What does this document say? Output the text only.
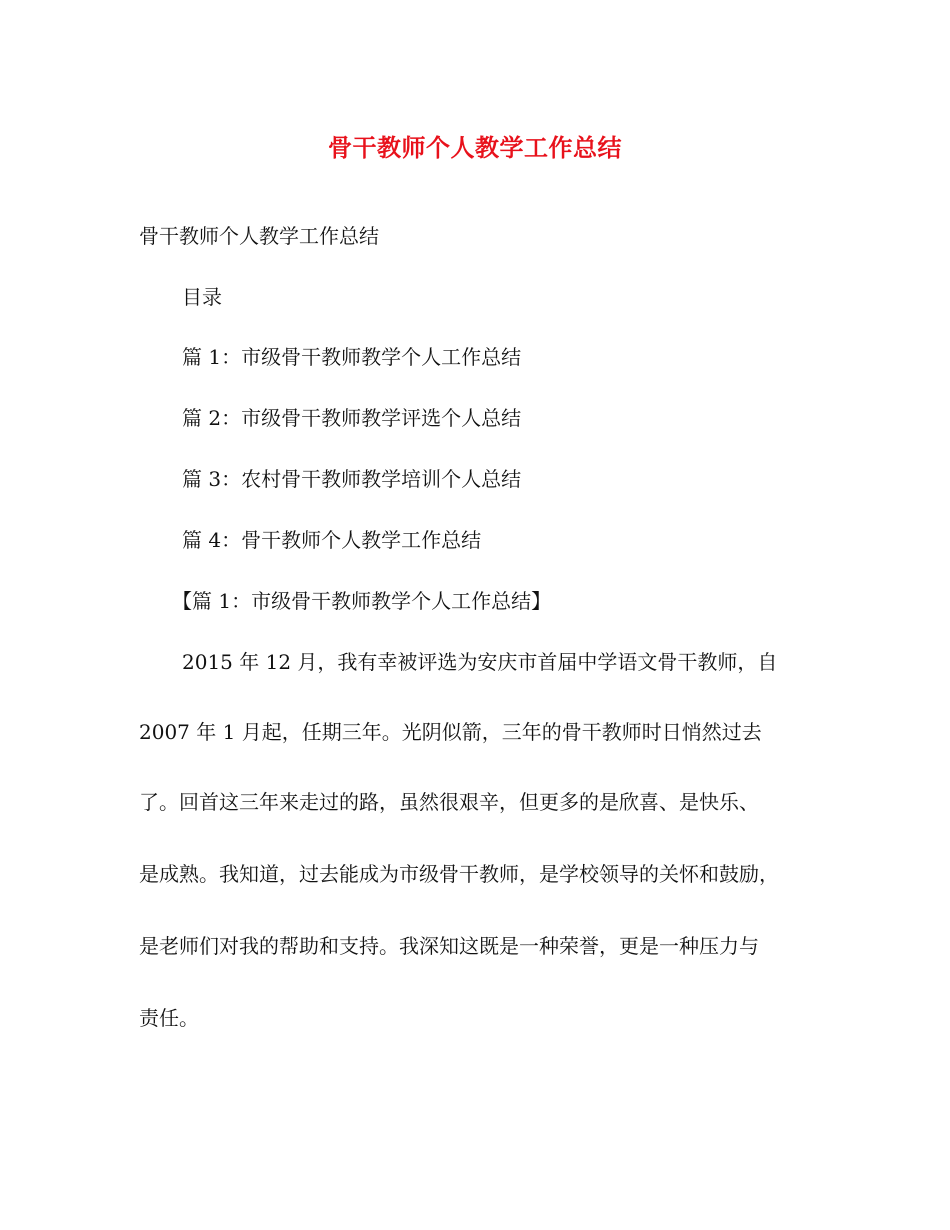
骨干教师个人教学工作总结
骨干教师个人教学工作总结
目录
篇 1：市级骨干教师教学个人工作总结
篇 2：市级骨干教师教学评选个人总结
篇 3：农村骨干教师教学培训个人总结
篇 4：骨干教师个人教学工作总结
【篇 1：市级骨干教师教学个人工作总结】
2015 年 12 月，我有幸被评选为安庆市首届中学语文骨干教师，自
2007 年 1 月起，任期三年。光阴似箭，三年的骨干教师时日悄然过去
了。回首这三年来走过的路，虽然很艰辛，但更多的是欣喜、是快乐、
是成熟。我知道，过去能成为市级骨干教师，是学校领导的关怀和鼓励，
是老师们对我的帮助和支持。我深知这既是一种荣誉，更是一种压力与
责任。
